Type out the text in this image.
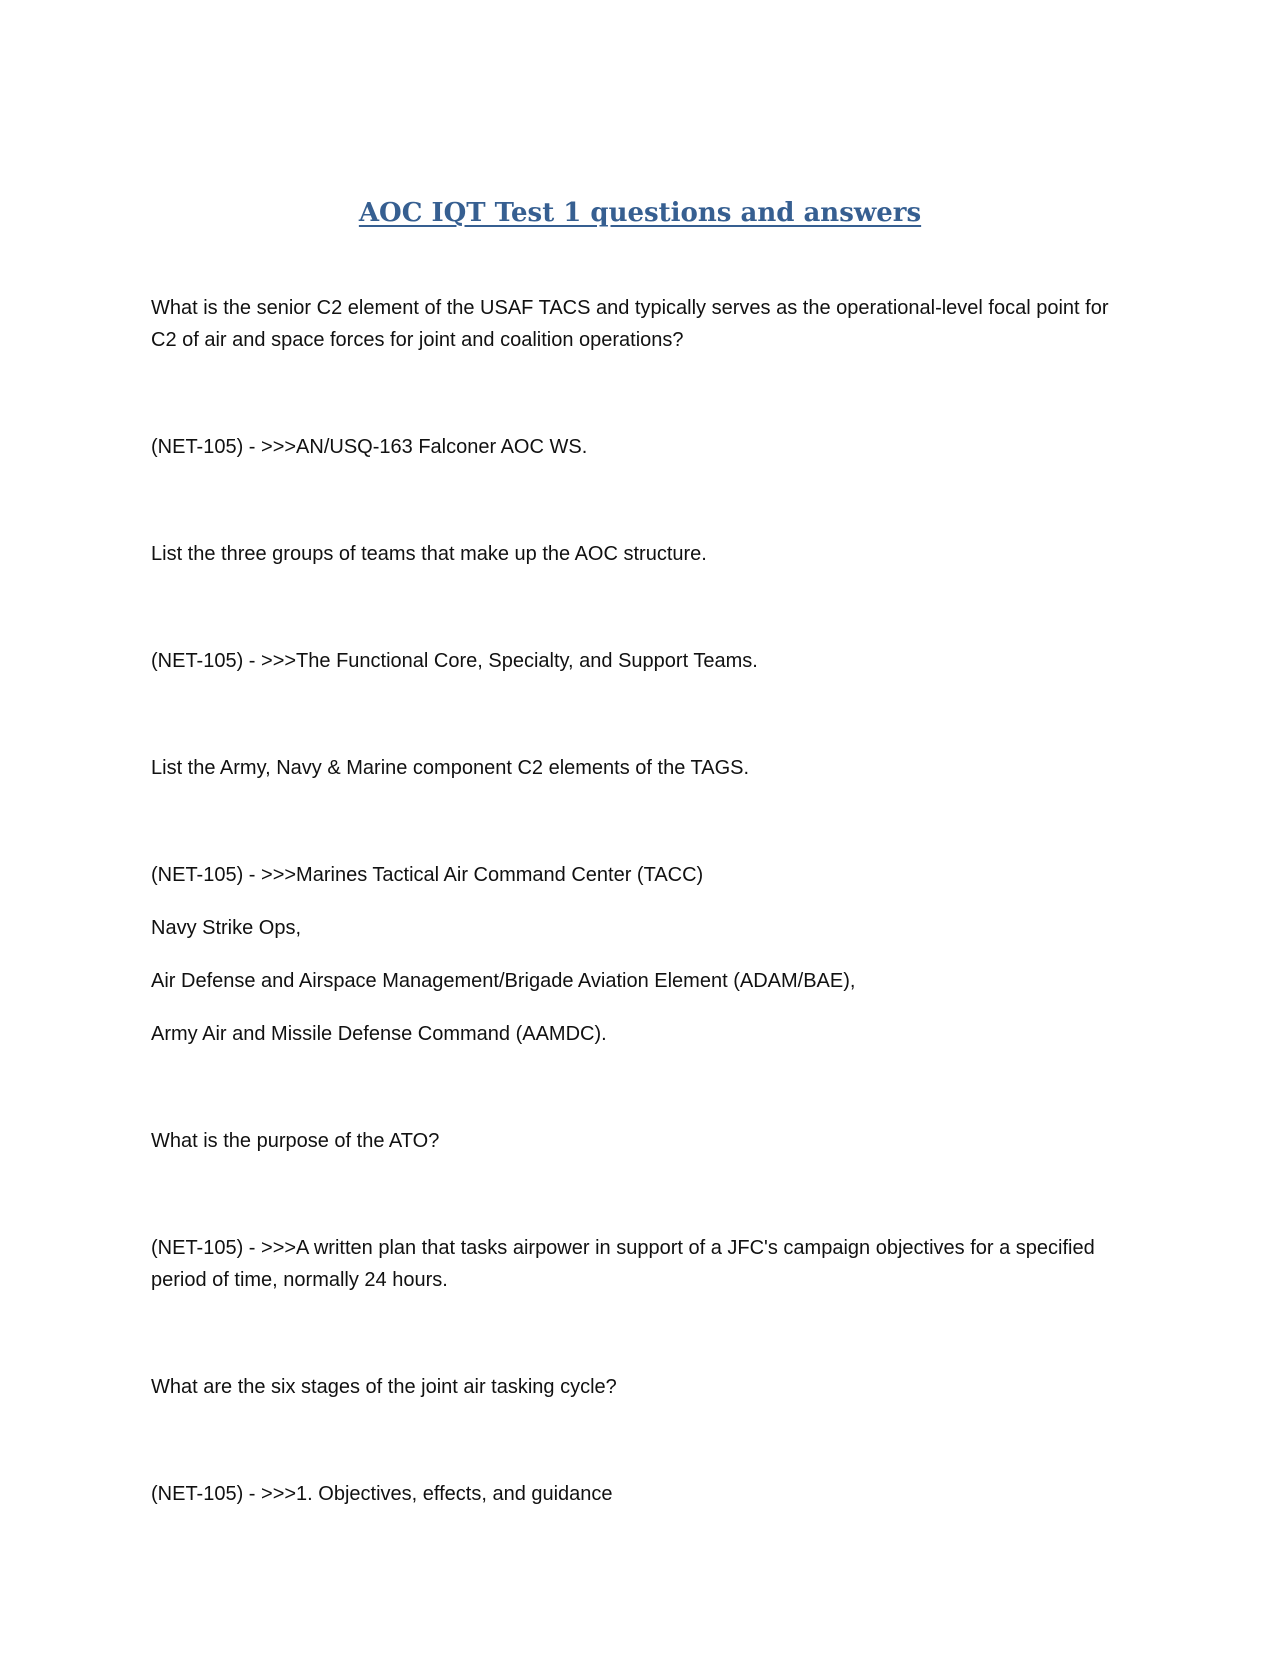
AOC IQT Test 1 questions and answers

What is the senior C2 element of the USAF TACS and typically serves as the operational-level focal point for C2 of air and space forces for joint and coalition operations?

(NET-105) - >>>AN/USQ-163 Falconer AOC WS.

List the three groups of teams that make up the AOC structure.

(NET-105) - >>>The Functional Core, Specialty, and Support Teams.

List the Army, Navy & Marine component C2 elements of the TAGS.

(NET-105) - >>>Marines Tactical Air Command Center (TACC)

Navy Strike Ops,

Air Defense and Airspace Management/Brigade Aviation Element (ADAM/BAE),

Army Air and Missile Defense Command (AAMDC).

What is the purpose of the ATO?

(NET-105) - >>>A written plan that tasks airpower in support of a JFC's campaign objectives for a specified period of time, normally 24 hours.

What are the six stages of the joint air tasking cycle?

(NET-105) - >>>1. Objectives, effects, and guidance
